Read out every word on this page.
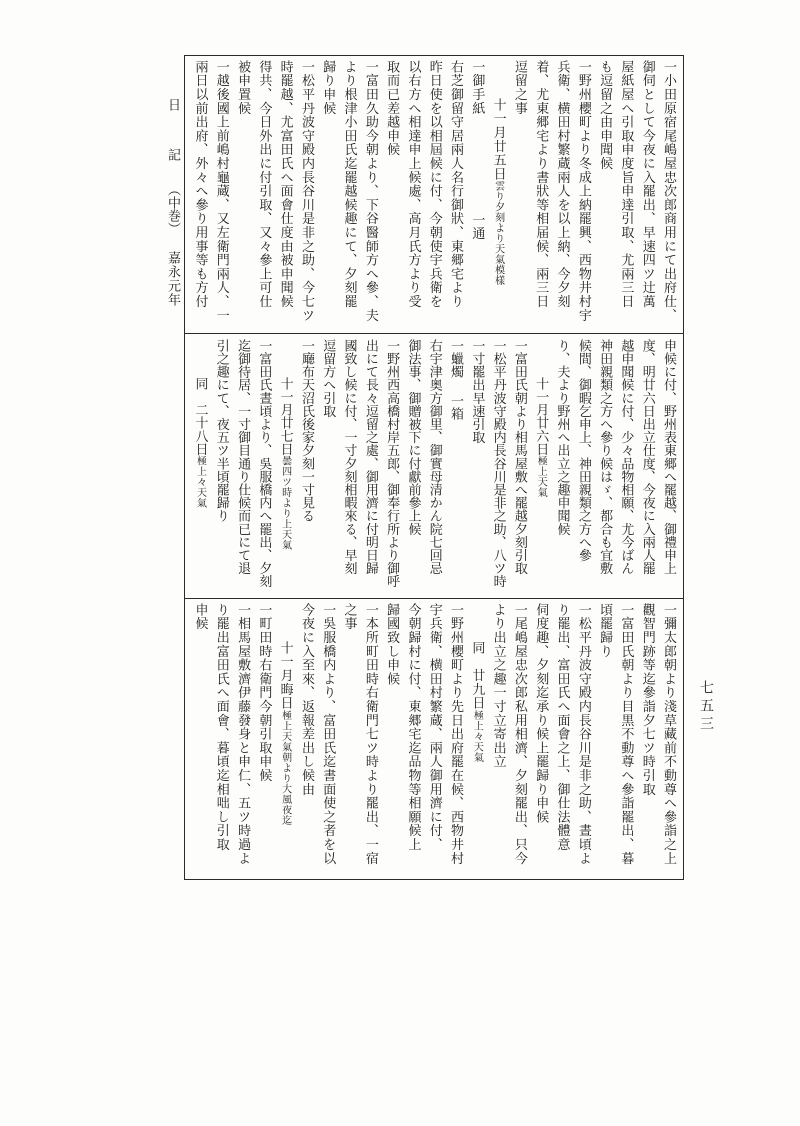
日　記（中巻）嘉永元年
七五三
一小田原宿尾嶋屋忠次郎商用にて出府仕、
御伺として今夜に入罷出、早速四ツ辻萬
屋紙屋へ引取申度旨申達引取、尤兩三日
も逗留之由申聞候
一野州櫻町より冬成上納罷興、西物井村宇
兵衛、横田村繁蔵兩人を以上納、今夕刻
着、尤東郷宅より書狀等相届候、兩三日
逗留之事
十一月廿五日雲り夕刻より天氣模樣
一御手紙一通
右芝御留守居兩人名行御狀、東郷宅より
昨日使を以相屆候に付、今朝使宇兵衛を
以右方へ相達申上候處、高月氏方より受
取而已差越申候
一富田久助今朝より、下谷醫師方へ參、夫
より根津小田氏迄罷越候趣にて、夕刻罷
歸り申候
一松平丹波守殿内長谷川是非之助、今七ツ
時罷越、尤富田氏へ面會仕度由被申聞候
得共、今日外出に付引取、又々參上可仕
被申置候
一越後國上前嶋村龜蔵、又左衛門兩人、一
兩日以前出府、外々へ參り用事等も方付
申候に付、野州表東郷へ罷越、御禮申上
度、明廿六日出立仕度、今夜に入兩人罷
越申聞候に付、少々品物相願、尤今ばん
神田親類之方へ參り候はゞ、都合も宜敷
候間、御暇乞申上、神田親類之方へ參
り、夫より野州へ出立之趣申聞候
十一月廿六日極上天氣
一富田氏朝より相馬屋敷へ罷越夕刻引取
一松平丹波守殿内長谷川是非之助、八ツ時
一寸罷出早速引取
一蠟燭一箱
右宇津奥方御里、御實母清かん院七回忌
御法事、御贈被下に付獻前參上候
一野州西高橋村岸五郎、御奉行所より御呼
出にて長々逗留之處、御用濟に付明日歸
國致し候に付、一寸夕刻相暇來る、早刻
逗留方へ引取
一廰布天沼氏後家夕刻一寸見る
十一月廿七日曇四ツ時より上天氣
一富田氏晝頃より、吳服橋内へ罷出、夕刻
迄御待居、一寸御目通り仕候而已にて退
引之趣にて、夜五ツ半頃罷歸り
同　二十八日極上々天氣
一彌太郎朝より淺草藏前不動尊へ參詣之上
觀智門跡等迄參詣夕七ツ時引取
一富田氏朝より目黒不動尊へ參詣罷出、暮
頃罷歸り
一松平丹波守殿内長谷川是非之助、晝頃よ
り罷出、富田氏へ面會之上、御仕法體意
伺度趣、夕刻迄承り候上罷歸り申候
一尾嶋屋忠次郎私用相濟、夕刻罷出、只今
より出立之趣一寸立寄出立
同　廿九日極上々天氣
一野州櫻町より先日出府罷在候、西物井村
宇兵衛、横田村繁蔵、兩人御用濟に付、
今朝歸村に付、東郷宅迄品物等相願候上
歸國致し申候
一本所町田時右衛門七ツ時より罷出、一宿
之事
一吳服橋内より、富田氏迄書面使之者を以
今夜に入至來、返報差出し候由
十一月晦日極上天氣朝より大風夜迄
一町田時右衛門今朝引取申候
一相馬屋敷濟伊藤發身と申仁、五ツ時過よ
り罷出富田氏へ面會、暮頃迄相咄し引取
申候
